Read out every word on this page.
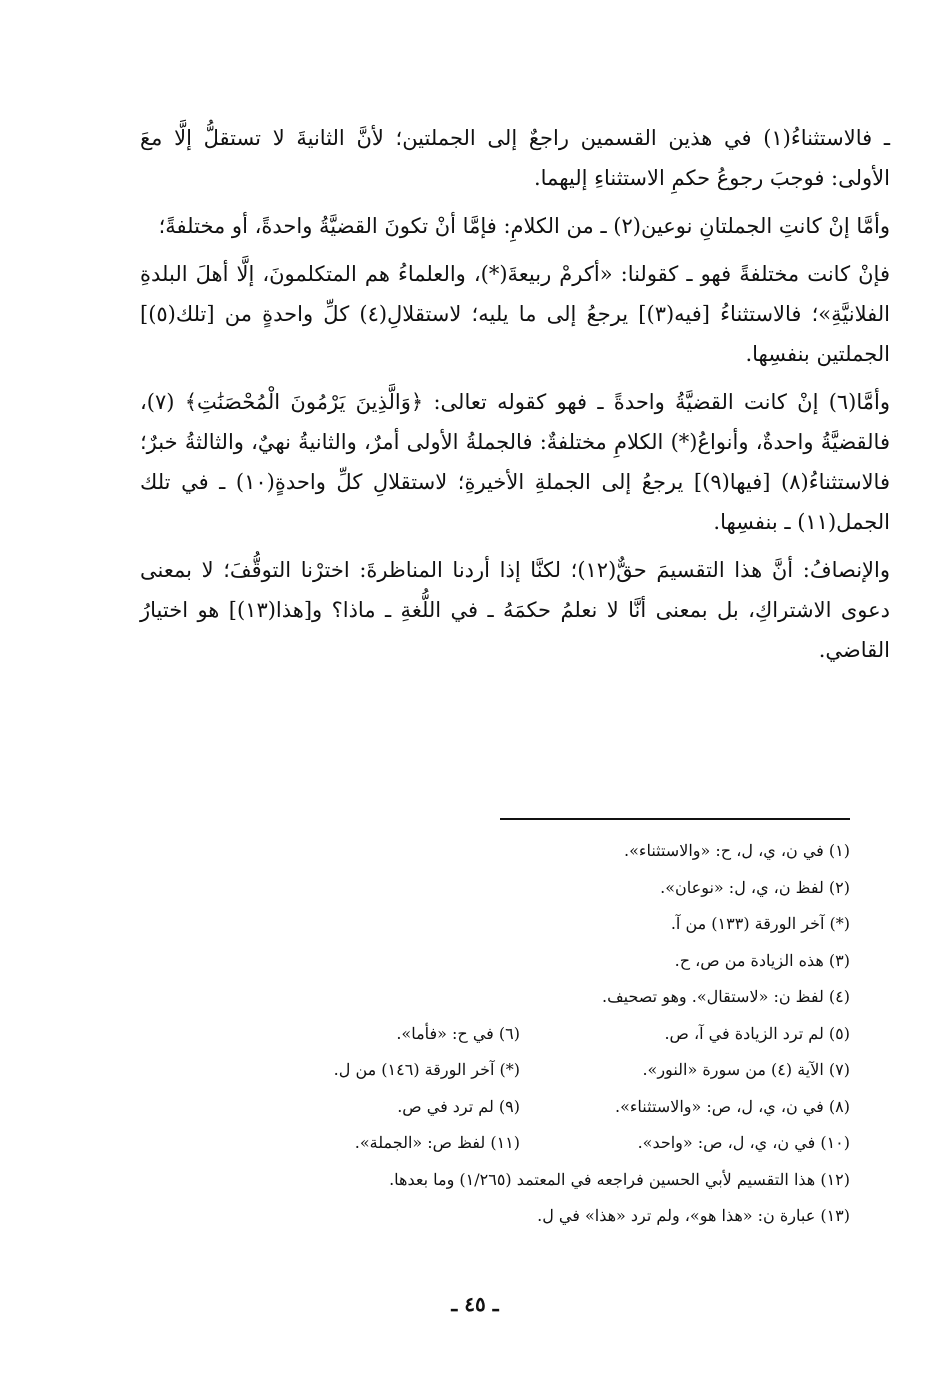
ـ فالاستثناءُ(١) في هذين القسمين راجعٌ إلى الجملتين؛ لأنَّ الثانيةَ لا تستقلُّ إلَّا معَ الأولى: فوجبَ رجوعُ حكمِ الاستثناءِ إليهما.

وأمَّا إنْ كانتِ الجملتانِ نوعين(٢) ـ من الكلامِ: فإمَّا أنْ تكونَ القضيَّةُ واحدةً، أو مختلفةً؛

فإنْ كانت مختلفةً فهو ـ كقولنا: «أكرمْ ربيعةَ(*)، والعلماءُ هم المتكلمونَ، إلَّا أهلَ البلدةِ الفلانيَّةِ»؛ فالاستثناءُ [فيه(٣)] يرجعُ إلى ما يليه؛ لاستقلالِ(٤) كلِّ واحدةٍ من [تلك(٥)] الجملتين بنفسِها.

وأمَّا(٦) إنْ كانت القضيَّةُ واحدةً ـ فهو كقوله تعالى: ﴿وَالَّذِينَ يَرْمُونَ الْمُحْصَنَٰتِ﴾ (٧)، فالقضيَّةُ واحدةٌ، وأنواعُ(*) الكلامِ مختلفةٌ: فالجملةُ الأولى أمرٌ، والثانيةُ نهيٌ، والثالثةُ خبرٌ؛ فالاستثناءُ(٨) [فيها(٩)] يرجعُ إلى الجملةِ الأخيرةِ؛ لاستقلالِ كلِّ واحدةٍ(١٠) ـ في تلك الجمل(١١) ـ بنفسِها.

والإنصافُ: أنَّ هذا التقسيمَ حقٌّ(١٢)؛ لكنَّا إذا أردنا المناظرةَ: اخترْنا التوقُّفَ؛ لا بمعنى دعوى الاشتراكِ، بل بمعنى أنَّا لا نعلمُ حكمَهُ ـ في اللُّغةِ ـ ماذا؟ و[هذا(١٣)] هو اختيارُ القاضي.

(١) في ن، ي، ل، ح: «والاستثناء».
(٢) لفظ ن، ي، ل: «نوعان».
(*) آخر الورقة (١٣٣) من آ.
(٣) هذه الزيادة من ص، ح.
(٤) لفظ ن: «لاستقال». وهو تصحيف.
(٥) لم ترد الزيادة في آ، ص.
(٦) في ح: «فأما».
(٧) الآية (٤) من سورة «النور».
(*) آخر الورقة (١٤٦) من ل.
(٨) في ن، ي، ل، ص: «والاستثناء».
(٩) لم ترد في ص.
(١٠) في ن، ي، ل، ص: «واحد».
(١١) لفظ ص: «الجملة».
(١٢) هذا التقسيم لأبي الحسين فراجعه في المعتمد (١/٢٦٥) وما بعدها.
(١٣) عبارة ن: «هذا هو»، ولم ترد «هذا» في ل.
ـ ٤٥ ـ
